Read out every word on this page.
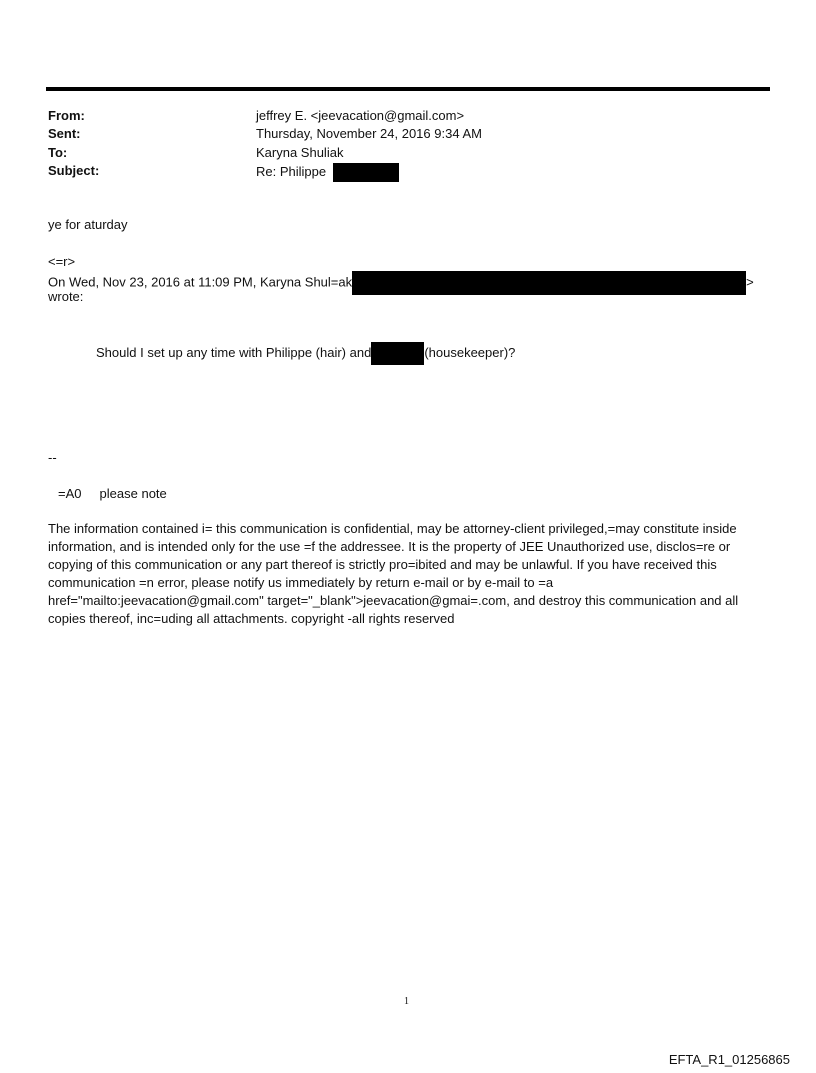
From:	jeffrey E. <jeevacation@gmail.com>
Sent:	Thursday, November 24, 2016 9:34 AM
To:	Karyna Shuliak
Subject:	Re: Philippe
ye for aturday
<=r>
On Wed, Nov 23, 2016 at 11:09 PM, Karyna Shul=ak	>
wrote:
Should I set up any time with Philippe (hair) and	(housekeeper)?
--
=A0     please note
The information contained i= this communication is confidential, may be attorney-client privileged,=may constitute inside information, and is intended only for the use =f the addressee. It is the property of JEE Unauthorized use, disclos=re or copying of this communication or any part thereof is strictly pro=ibited and may be unlawful. If you have received this communication =n error, please notify us immediately by return e-mail or by e-mail to =a href="mailto:jeevacation@gmail.com" target="_blank">jeevacation@gmai=.com, and destroy this communication and all copies thereof, inc=uding all attachments. copyright -all rights reserved
1
EFTA_R1_01256865
